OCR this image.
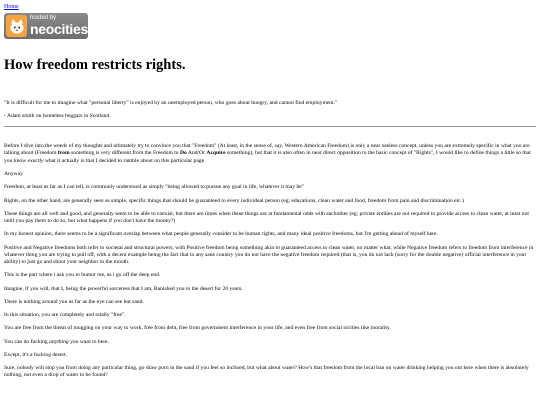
Home
hosted by
neocities
How freedom restricts rights.

"It is difficult for me to imagine what "personal liberty" is enjoyed by an unemployed person, who goes about hungry, and cannot find employment."

- Adam smith on homeless beggars in Scotland.

Before I dive into the weeds of my thoughts and ultimately try to convince you that "Freedom" (At least, in the sense of, say, Western American Freedom) is only a near useless concept, unless you are extremely specific in what you are talking about (Freedom from something is very different from the Freedom to Do And/Or Acquire something), but that it is also often in near direct opposition to the basic concept of "Rights", I would like to define things a little so that you know exactly what it actually is that I decided to ramble about on this particular page.

Anyway

Freedom, at least as far as I can tell, is commonly understood as simply "being allowed to pursue any goal in life, whatever it may be"

Rights, on the other hand, are generally seen as simple, specific things that should be guaranteed to every individual person (eg; educations, clean water and food, freedom from pain and discrimination etc.)

These things are all well and good, and generally seem to be able to coexist, but there are times when these things are at fundamental odds with eachother (eg; private entities are not required to provide access to clean water, at least not until you pay them to do so, but what happens if you don't have the money?)

In my honest opinion, there seems to be a significant overlap between what people generally consider to be human rights, and many ideal positive freedoms, but I'm getting ahead of myself here.

Positive and Negative freedoms both refer to societal and structural powers, with Positive freedom being something akin to guaranteed access to clean water, no matter what, while Negative freedom refers to freedom from interference in whatever thing you are trying to pull off, with a decent example being the fact that in any sane country you do not have the negative freedom required (that is, you do not lack (sorry for the double negative) official interference in your ability) to just go and shoot your neighbor in the mouth.

This is the part where i ask you to humor me, as i go off the deep end.

Imagine, if you will, that I, being the powerful sorceress that I am, Banished you to the desert for 20 years.

There is nothing around you as far as the eye can see but sand.

In this situation, you are completely and totally "free".

You are free from the threat of mugging on your way to work, free from debt, free from government interference in your life, and even free from social nicities like morality.

You can do fucking anything you want to here.

Except, it's a fucking desert.

Sure, nobody will stop you from doing any particular thing, go draw porn in the sand if you feel so inclined, but what about water? How's that freedom from the local ban on water drinking helping you out here when there is absolutely nothing, not even a drop of water to be found?
